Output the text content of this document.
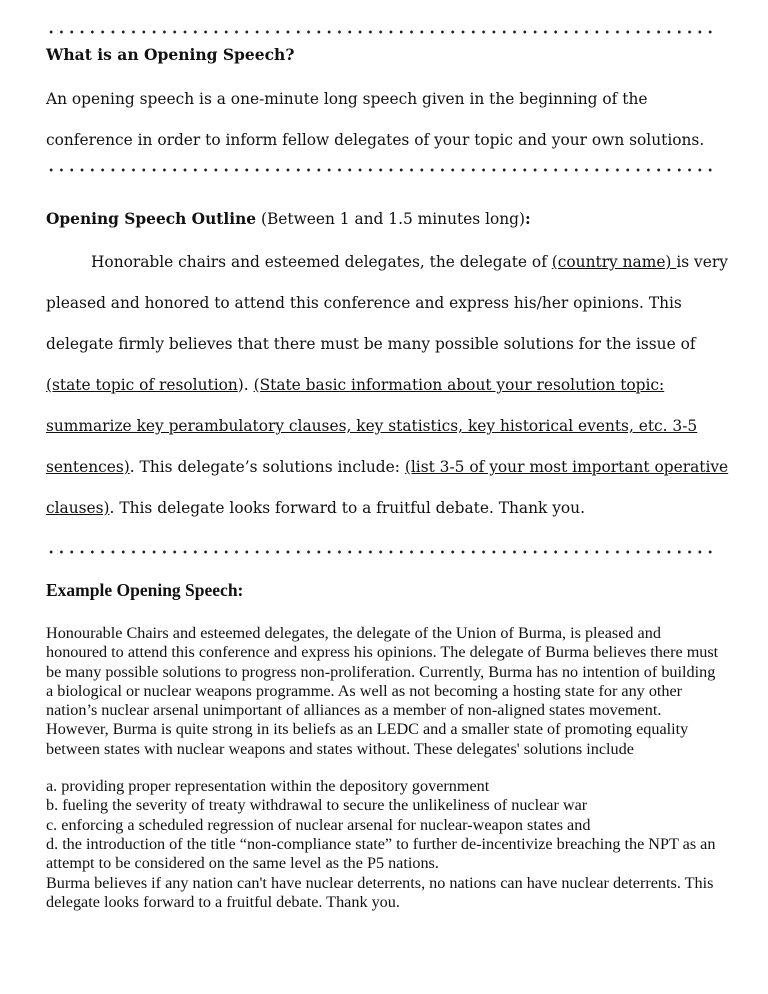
What is an Opening Speech?
An opening speech is a one-minute long speech given in the beginning of the conference in order to inform fellow delegates of your topic and your own solutions.
Opening Speech Outline (Between 1 and 1.5 minutes long):
Honorable chairs and esteemed delegates, the delegate of (country name) is very pleased and honored to attend this conference and express his/her opinions. This delegate firmly believes that there must be many possible solutions for the issue of (state topic of resolution). (State basic information about your resolution topic: summarize key perambulatory clauses, key statistics, key historical events, etc. 3-5 sentences). This delegate’s solutions include: (list 3-5 of your most important operative clauses). This delegate looks forward to a fruitful debate. Thank you.
Example Opening Speech:

Honourable Chairs and esteemed delegates, the delegate of the Union of Burma, is pleased and honoured to attend this conference and express his opinions. The delegate of Burma believes there must be many possible solutions to progress non-proliferation. Currently, Burma has no intention of building a biological or nuclear weapons programme. As well as not becoming a hosting state for any other nation’s nuclear arsenal unimportant of alliances as a member of non-aligned states movement. However, Burma is quite strong in its beliefs as an LEDC and a smaller state of promoting equality between states with nuclear weapons and states without. These delegates' solutions include

a. providing proper representation within the depository government

b. fueling the severity of treaty withdrawal to secure the unlikeliness of nuclear war

c. enforcing a scheduled regression of nuclear arsenal for nuclear-weapon states and

d. the introduction of the title “non-compliance state” to further de-incentivize breaching the NPT as an attempt to be considered on the same level as the P5 nations.

Burma believes if any nation can't have nuclear deterrents, no nations can have nuclear deterrents. This delegate looks forward to a fruitful debate. Thank you.
